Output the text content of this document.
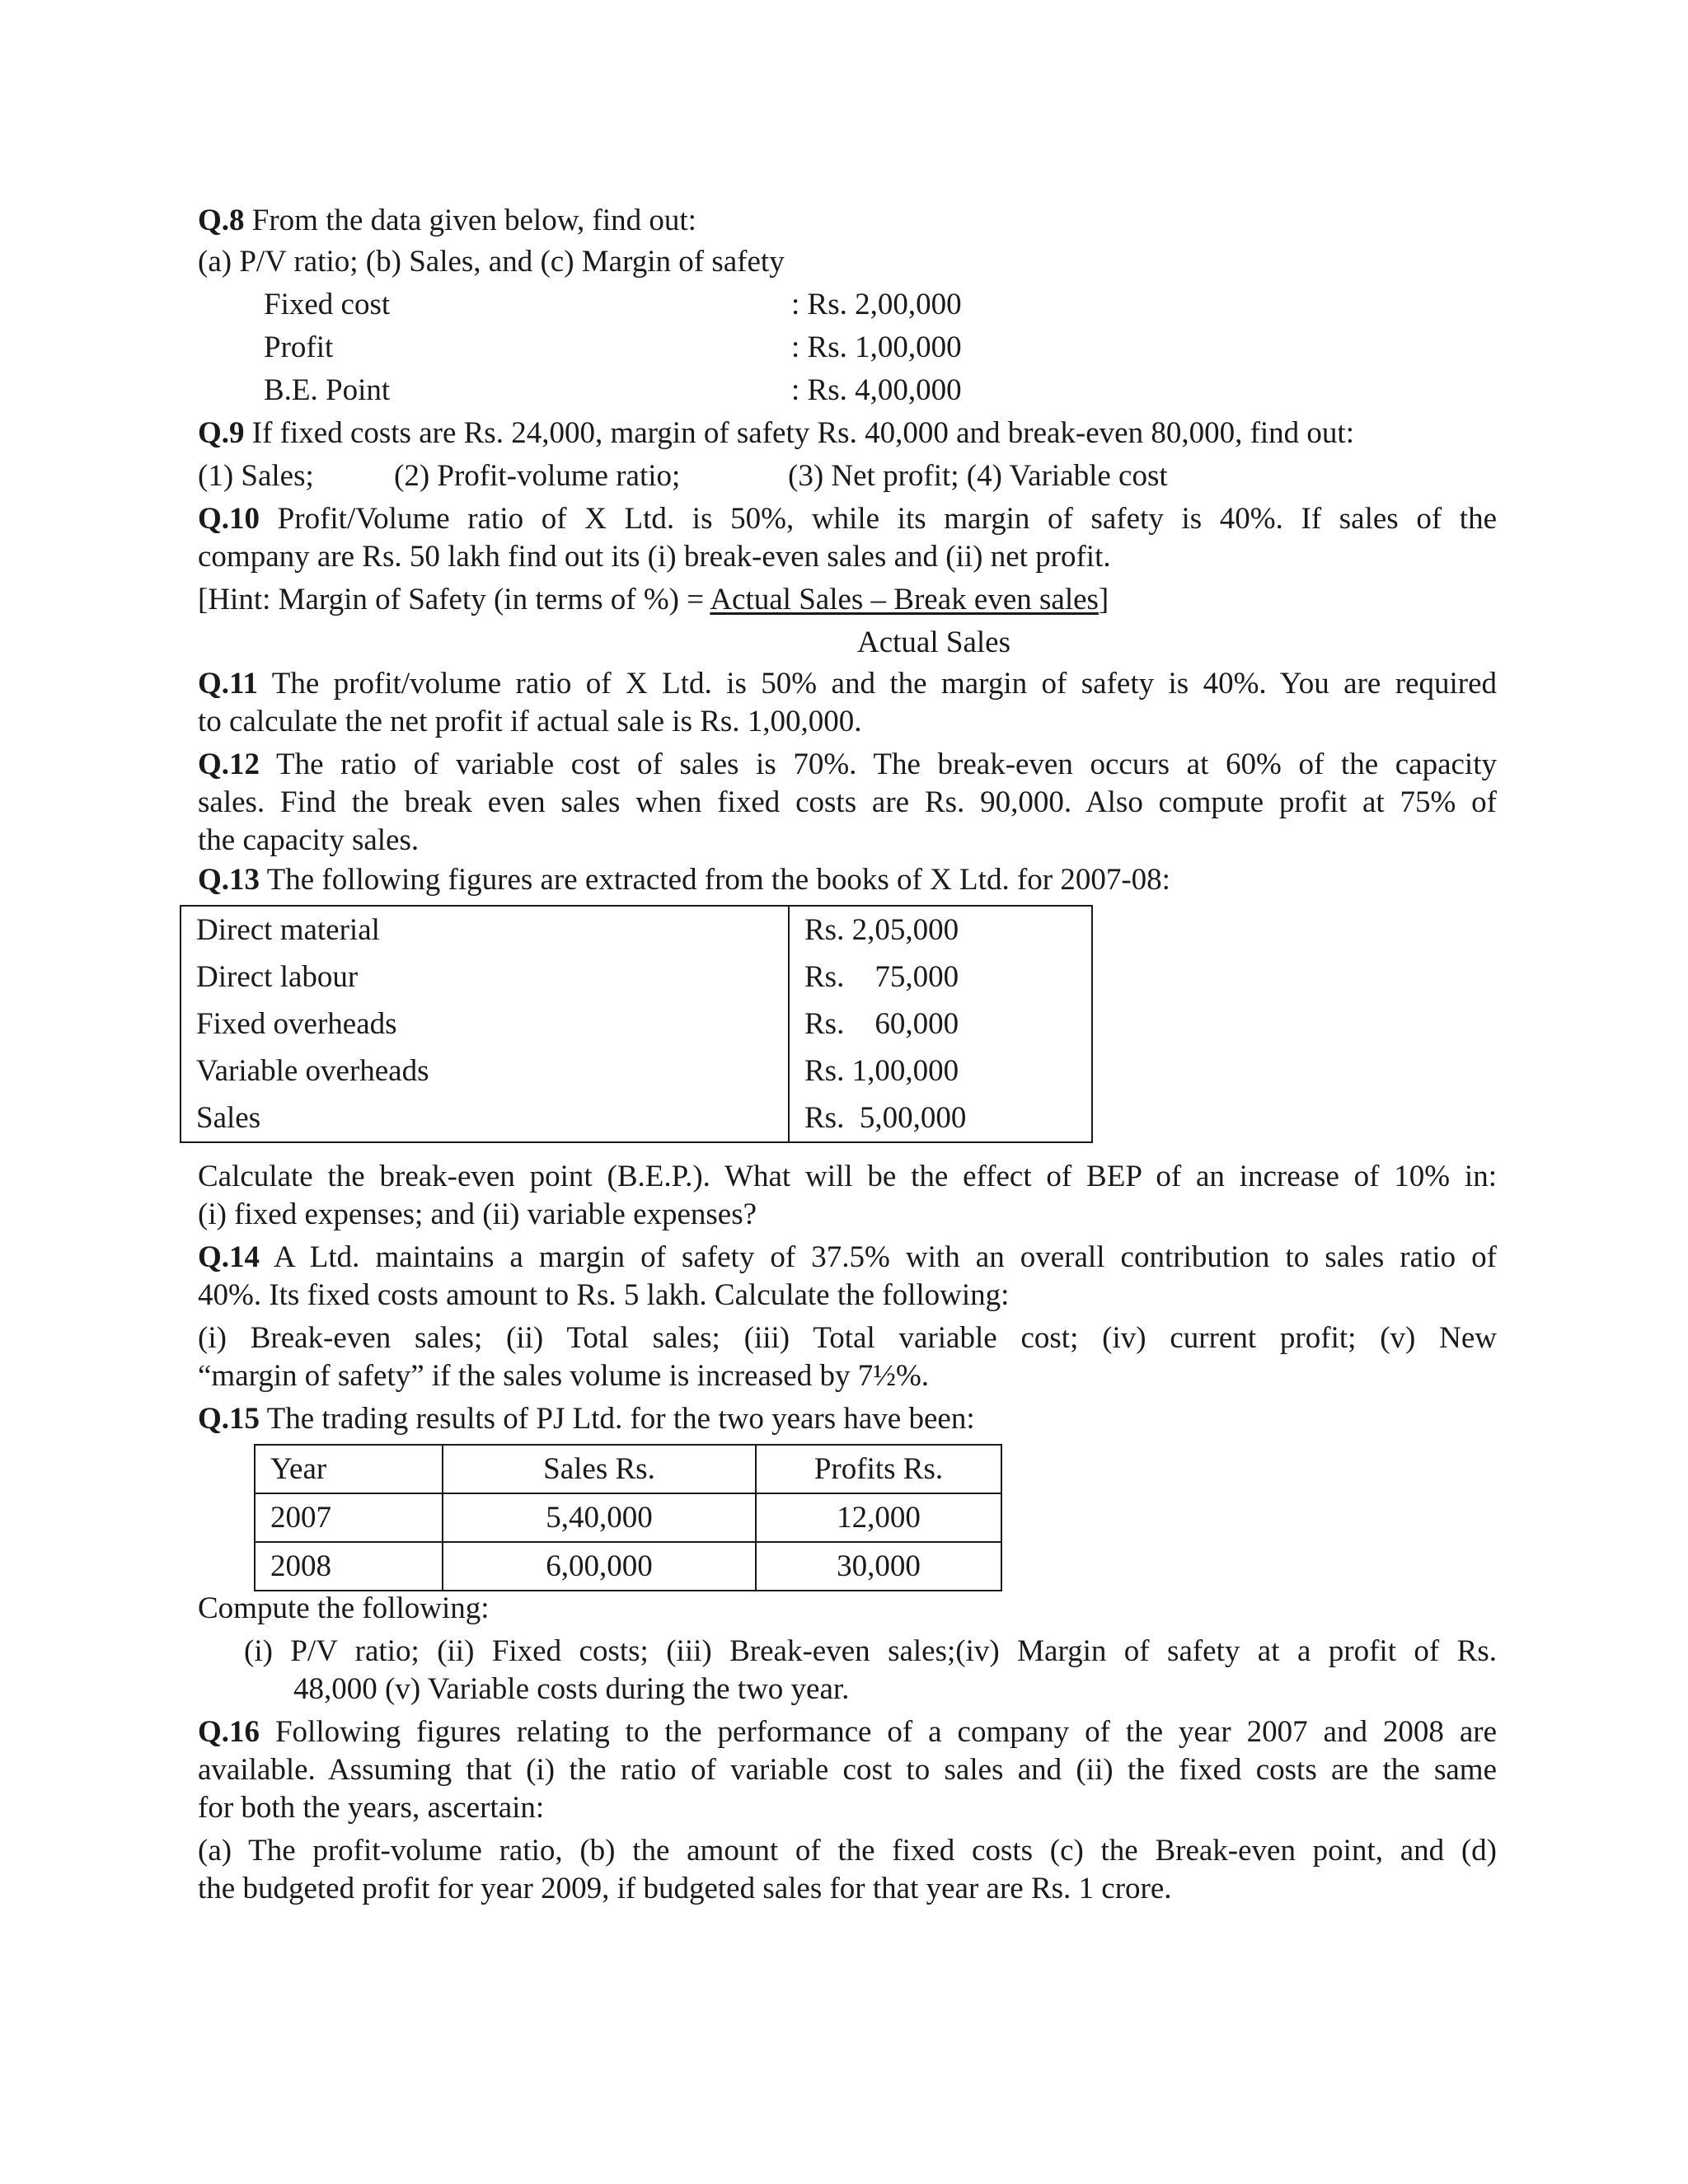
Q.8 From the data given below, find out:
(a) P/V ratio; (b) Sales, and (c) Margin of safety
Fixed cost	: Rs. 2,00,000
Profit	: Rs. 1,00,000
B.E. Point	: Rs. 4,00,000
Q.9 If fixed costs are Rs. 24,000, margin of safety Rs. 40,000 and break-even 80,000, find out:
(1) Sales;	(2) Profit-volume ratio;	(3) Net profit; (4) Variable cost
Q.10 Profit/Volume ratio of X Ltd. is 50%, while its margin of safety is 40%. If sales of the
company are Rs. 50 lakh find out its (i) break-even sales and (ii) net profit.
[Hint: Margin of Safety (in terms of %) = Actual Sales – Break even sales]
Actual Sales
Q.11 The profit/volume ratio of X Ltd. is 50% and the margin of safety is 40%. You are required
to calculate the net profit if actual sale is Rs. 1,00,000.
Q.12 The ratio of variable cost of sales is 70%. The break-even occurs at 60% of the capacity
sales. Find the break even sales when fixed costs are Rs. 90,000. Also compute profit at 75% of
the capacity sales.
Q.13 The following figures are extracted from the books of X Ltd. for 2007-08:
Direct material	Rs. 2,05,000
Direct labour	Rs.    75,000
Fixed overheads	Rs.    60,000
Variable overheads	Rs. 1,00,000
Sales	Rs.  5,00,000
Calculate the break-even point (B.E.P.). What will be the effect of BEP of an increase of 10% in:
(i) fixed expenses; and (ii) variable expenses?
Q.14 A Ltd. maintains a margin of safety of 37.5% with an overall contribution to sales ratio of
40%. Its fixed costs amount to Rs. 5 lakh. Calculate the following:
(i) Break-even sales; (ii) Total sales; (iii) Total variable cost; (iv) current profit; (v) New
“margin of safety” if the sales volume is increased by 7½%.
Q.15 The trading results of PJ Ltd. for the two years have been:
Year	Sales Rs.	Profits Rs.
2007	5,40,000	12,000
2008	6,00,000	30,000
Compute the following:
(i) P/V ratio; (ii) Fixed costs; (iii) Break-even sales;(iv) Margin of safety at a profit of Rs.
48,000 (v) Variable costs during the two year.
Q.16 Following figures relating to the performance of a company of the year 2007 and 2008 are
available. Assuming that (i) the ratio of variable cost to sales and (ii) the fixed costs are the same
for both the years, ascertain:
(a) The profit-volume ratio, (b) the amount of the fixed costs (c) the Break-even point, and (d)
the budgeted profit for year 2009, if budgeted sales for that year are Rs. 1 crore.
